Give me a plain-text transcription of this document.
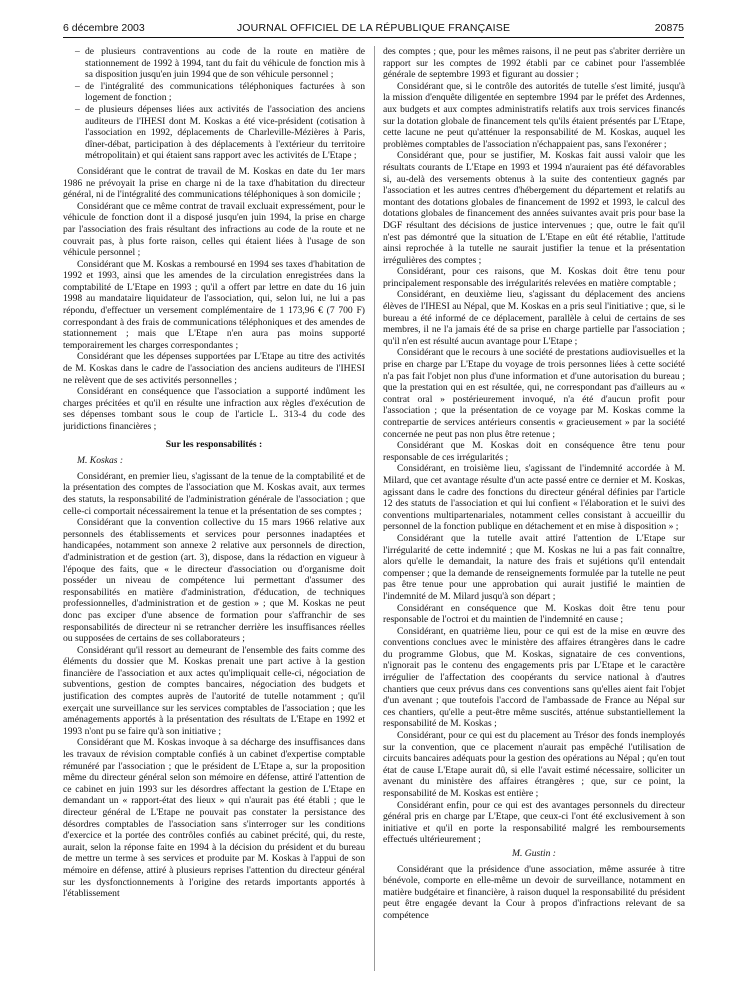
6 décembre 2003	JOURNAL OFFICIEL DE LA RÉPUBLIQUE FRANÇAISE	20875
– de plusieurs contraventions au code de la route en matière de stationnement de 1992 à 1994, tant du fait du véhicule de fonction mis à sa disposition jusqu'en juin 1994 que de son véhicule personnel ;
– de l'intégralité des communications téléphoniques facturées à son logement de fonction ;
– de plusieurs dépenses liées aux activités de l'association des anciens auditeurs de l'IHESI dont M. Koskas a été vice-président (cotisation à l'association en 1992, déplacements de Charleville-Mézières à Paris, dîner-débat, participation à des déplacements à l'extérieur du territoire métropolitain) et qui étaient sans rapport avec les activités de L'Etape ;

Considérant que le contrat de travail de M. Koskas en date du 1er mars 1986 ne prévoyait la prise en charge ni de la taxe d'habitation du directeur général, ni de l'intégralité des communications téléphoniques à son domicile ;

Considérant que ce même contrat de travail excluait expressément, pour le véhicule de fonction dont il a disposé jusqu'en juin 1994, la prise en charge par l'association des frais résultant des infractions au code de la route et ne couvrait pas, à plus forte raison, celles qui étaient liées à l'usage de son véhicule personnel ;

Considérant que M. Koskas a remboursé en 1994 ses taxes d'habitation de 1992 et 1993, ainsi que les amendes de la circulation enregistrées dans la comptabilité de L'Etape en 1993 ; qu'il a offert par lettre en date du 16 juin 1998 au mandataire liquidateur de l'association, qui, selon lui, ne lui a pas répondu, d'effectuer un versement complémentaire de 1 173,96 € (7 700 F) correspondant à des frais de communications téléphoniques et des amendes de stationnement ; mais que L'Etape n'en aura pas moins supporté temporairement les charges correspondantes ;

Considérant que les dépenses supportées par L'Etape au titre des activités de M. Koskas dans le cadre de l'association des anciens auditeurs de l'IHESI ne relèvent que de ses activités personnelles ;

Considérant en conséquence que l'association a supporté indûment les charges précitées et qu'il en résulte une infraction aux règles d'exécution de ses dépenses tombant sous le coup de l'article L. 313-4 du code des juridictions financières ;

Sur les responsabilités :

M. Koskas :

Considérant, en premier lieu, s'agissant de la tenue de la comptabilité et de la présentation des comptes de l'association que M. Koskas avait, aux termes des statuts, la responsabilité de l'administration générale de l'association ; que celle-ci comportait nécessairement la tenue et la présentation de ses comptes ;

Considérant que la convention collective du 15 mars 1966 relative aux personnels des établissements et services pour personnes inadaptées et handicapées, notamment son annexe 2 relative aux personnels de direction, d'administration et de gestion (art. 3), dispose, dans la rédaction en vigueur à l'époque des faits, que « le directeur d'association ou d'organisme doit posséder un niveau de compétence lui permettant d'assumer des responsabilités en matière d'administration, d'éducation, de techniques professionnelles, d'administration et de gestion » ; que M. Koskas ne peut donc pas exciper d'une absence de formation pour s'affranchir de ses responsabilités de directeur ni se retrancher derrière les insuffisances réelles ou supposées de certains de ses collaborateurs ;

Considérant qu'il ressort au demeurant de l'ensemble des faits comme des éléments du dossier que M. Koskas prenait une part active à la gestion financière de l'association et aux actes qu'impliquait celle-ci, négociation de subventions, gestion de comptes bancaires, négociation des budgets et justification des comptes auprès de l'autorité de tutelle notamment ; qu'il exerçait une surveillance sur les services comptables de l'association ; que les aménagements apportés à la présentation des résultats de L'Etape en 1992 et 1993 n'ont pu se faire qu'à son initiative ;

Considérant que M. Koskas invoque à sa décharge des insuffisances dans les travaux de révision comptable confiés à un cabinet d'expertise comptable rémunéré par l'association ; que le président de L'Etape a, sur la proposition même du directeur général selon son mémoire en défense, attiré l'attention de ce cabinet en juin 1993 sur les désordres affectant la gestion de L'Etape en demandant un « rapport-état des lieux » qui n'aurait pas été établi ; que le directeur général de L'Etape ne pouvait pas constater la persistance des désordres comptables de l'association sans s'interroger sur les conditions d'exercice et la portée des contrôles confiés au cabinet précité, qui, du reste, aurait, selon la réponse faite en 1994 à la décision du président et du bureau de mettre un terme à ses services et produite par M. Koskas à l'appui de son mémoire en défense, attiré à plusieurs reprises l'attention du directeur général sur les dysfonctionnements à l'origine des retards importants apportés à l'établissement

des comptes ; que, pour les mêmes raisons, il ne peut pas s'abriter derrière un rapport sur les comptes de 1992 établi par ce cabinet pour l'assemblée générale de septembre 1993 et figurant au dossier ;

Considérant que, si le contrôle des autorités de tutelle s'est limité, jusqu'à la mission d'enquête diligentée en septembre 1994 par le préfet des Ardennes, aux budgets et aux comptes administratifs relatifs aux trois services financés sur la dotation globale de financement tels qu'ils étaient présentés par L'Etape, cette lacune ne peut qu'atténuer la responsabilité de M. Koskas, auquel les problèmes comptables de l'association n'échappaient pas, sans l'exonérer ;

Considérant que, pour se justifier, M. Koskas fait aussi valoir que les résultats courants de L'Etape en 1993 et 1994 n'auraient pas été défavorables si, au-delà des versements obtenus à la suite des contentieux gagnés par l'association et les autres centres d'hébergement du département et relatifs au montant des dotations globales de financement de 1992 et 1993, le calcul des dotations globales de financement des années suivantes avait pris pour base la DGF résultant des décisions de justice intervenues ; que, outre le fait qu'il n'est pas démontré que la situation de L'Etape en eût été rétablie, l'attitude ainsi reprochée à la tutelle ne saurait justifier la tenue et la présentation irrégulières des comptes ;

Considérant, pour ces raisons, que M. Koskas doit être tenu pour principalement responsable des irrégularités relevées en matière comptable ;

Considérant, en deuxième lieu, s'agissant du déplacement des anciens élèves de l'IHESI au Népal, que M. Koskas en a pris seul l'initiative ; que, si le bureau a été informé de ce déplacement, parallèle à celui de certains de ses membres, il ne l'a jamais été de sa prise en charge partielle par l'association ; qu'il n'en est résulté aucun avantage pour L'Etape ;

Considérant que le recours à une société de prestations audiovisuelles et la prise en charge par L'Etape du voyage de trois personnes liées à cette société n'a pas fait l'objet non plus d'une information et d'une autorisation du bureau ; que la prestation qui en est résultée, qui, ne correspondant pas d'ailleurs au « contrat oral » postérieurement invoqué, n'a été d'aucun profit pour l'association ; que la présentation de ce voyage par M. Koskas comme la contrepartie de services antérieurs consentis « gracieusement » par la société concernée ne peut pas non plus être retenue ;

Considérant que M. Koskas doit en conséquence être tenu pour responsable de ces irrégularités ;

Considérant, en troisième lieu, s'agissant de l'indemnité accordée à M. Milard, que cet avantage résulte d'un acte passé entre ce dernier et M. Koskas, agissant dans le cadre des fonctions du directeur général définies par l'article 12 des statuts de l'association et qui lui confient « l'élaboration et le suivi des conventions multipartenariales, notamment celles consistant à accueillir du personnel de la fonction publique en détachement et en mise à disposition » ;

Considérant que la tutelle avait attiré l'attention de L'Etape sur l'irrégularité de cette indemnité ; que M. Koskas ne lui a pas fait connaître, alors qu'elle le demandait, la nature des frais et sujétions qu'il entendait compenser ; que la demande de renseignements formulée par la tutelle ne peut pas être tenue pour une approbation qui aurait justifié le maintien de l'indemnité de M. Milard jusqu'à son départ ;

Considérant en conséquence que M. Koskas doit être tenu pour responsable de l'octroi et du maintien de l'indemnité en cause ;

Considérant, en quatrième lieu, pour ce qui est de la mise en œuvre des conventions conclues avec le ministère des affaires étrangères dans le cadre du programme Globus, que M. Koskas, signataire de ces conventions, n'ignorait pas le contenu des engagements pris par L'Etape et le caractère irrégulier de l'affectation des coopérants du service national à d'autres chantiers que ceux prévus dans ces conventions sans qu'elles aient fait l'objet d'un avenant ; que toutefois l'accord de l'ambassade de France au Népal sur ces chantiers, qu'elle a peut-être même suscités, atténue substantiellement la responsabilité de M. Koskas ;

Considérant, pour ce qui est du placement au Trésor des fonds inemployés sur la convention, que ce placement n'aurait pas empêché l'utilisation de circuits bancaires adéquats pour la gestion des opérations au Népal ; qu'en tout état de cause L'Etape aurait dû, si elle l'avait estimé nécessaire, solliciter un avenant du ministère des affaires étrangères ; que, sur ce point, la responsabilité de M. Koskas est entière ;

Considérant enfin, pour ce qui est des avantages personnels du directeur général pris en charge par L'Etape, que ceux-ci l'ont été exclusivement à son initiative et qu'il en porte la responsabilité malgré les remboursements effectués ultérieurement ;

M. Gustin :

Considérant que la présidence d'une association, même assurée à titre bénévole, comporte en elle-même un devoir de surveillance, notamment en matière budgétaire et financière, à raison duquel la responsabilité du président peut être engagée devant la Cour à propos d'infractions relevant de sa compétence
